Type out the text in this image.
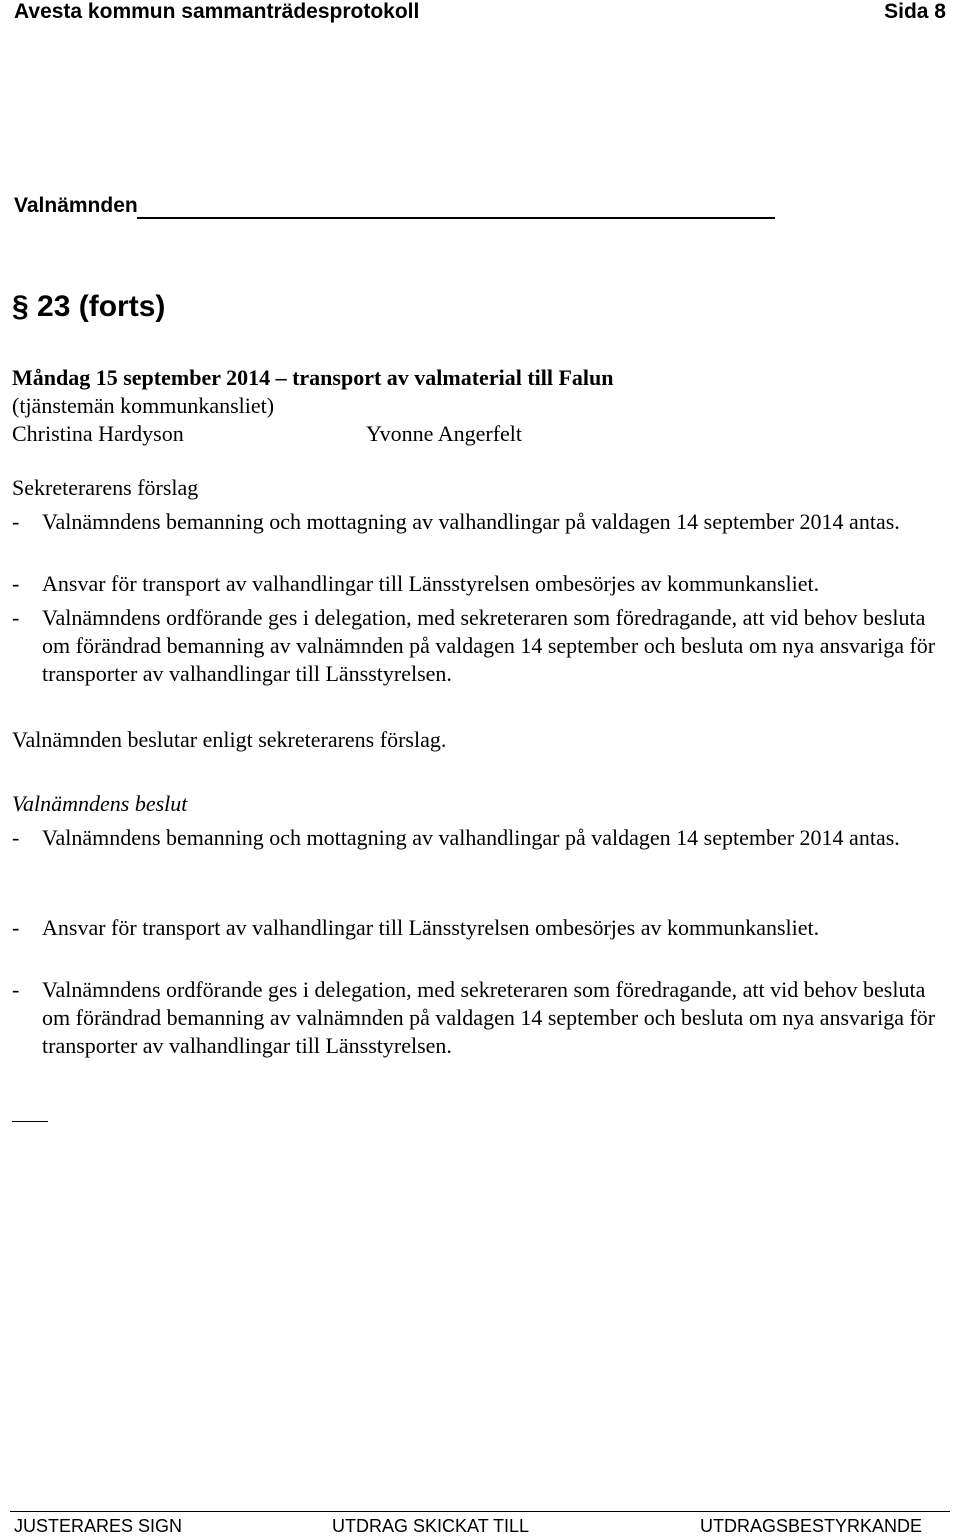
Avesta kommun sammanträdesprotokoll	Sida 8
Valnämnden
§ 23 (forts)
Måndag 15 september 2014 – transport av valmaterial till Falun
(tjänstemän kommunkansliet)
Christina Hardyson	Yvonne Angerfelt
Sekreterarens förslag
- Valnämndens bemanning och mottagning av valhandlingar på valdagen 14 september 2014 antas.
- Ansvar för transport av valhandlingar till Länsstyrelsen ombesörjes av kommunkansliet.
- Valnämndens ordförande ges i delegation, med sekreteraren som föredragande, att vid behov besluta om förändrad bemanning av valnämnden på valdagen 14 september och besluta om nya ansvariga för transporter av valhandlingar till Länsstyrelsen.
Valnämnden beslutar enligt sekreterarens förslag.
Valnämndens beslut
- Valnämndens bemanning och mottagning av valhandlingar på valdagen 14 september 2014 antas.
- Ansvar för transport av valhandlingar till Länsstyrelsen ombesörjes av kommunkansliet.
- Valnämndens ordförande ges i delegation, med sekreteraren som föredragande, att vid behov besluta om förändrad bemanning av valnämnden på valdagen 14 september och besluta om nya ansvariga för transporter av valhandlingar till Länsstyrelsen.
JUSTERARES SIGN	UTDRAG SKICKAT TILL	UTDRAGSBESTYRKANDE
